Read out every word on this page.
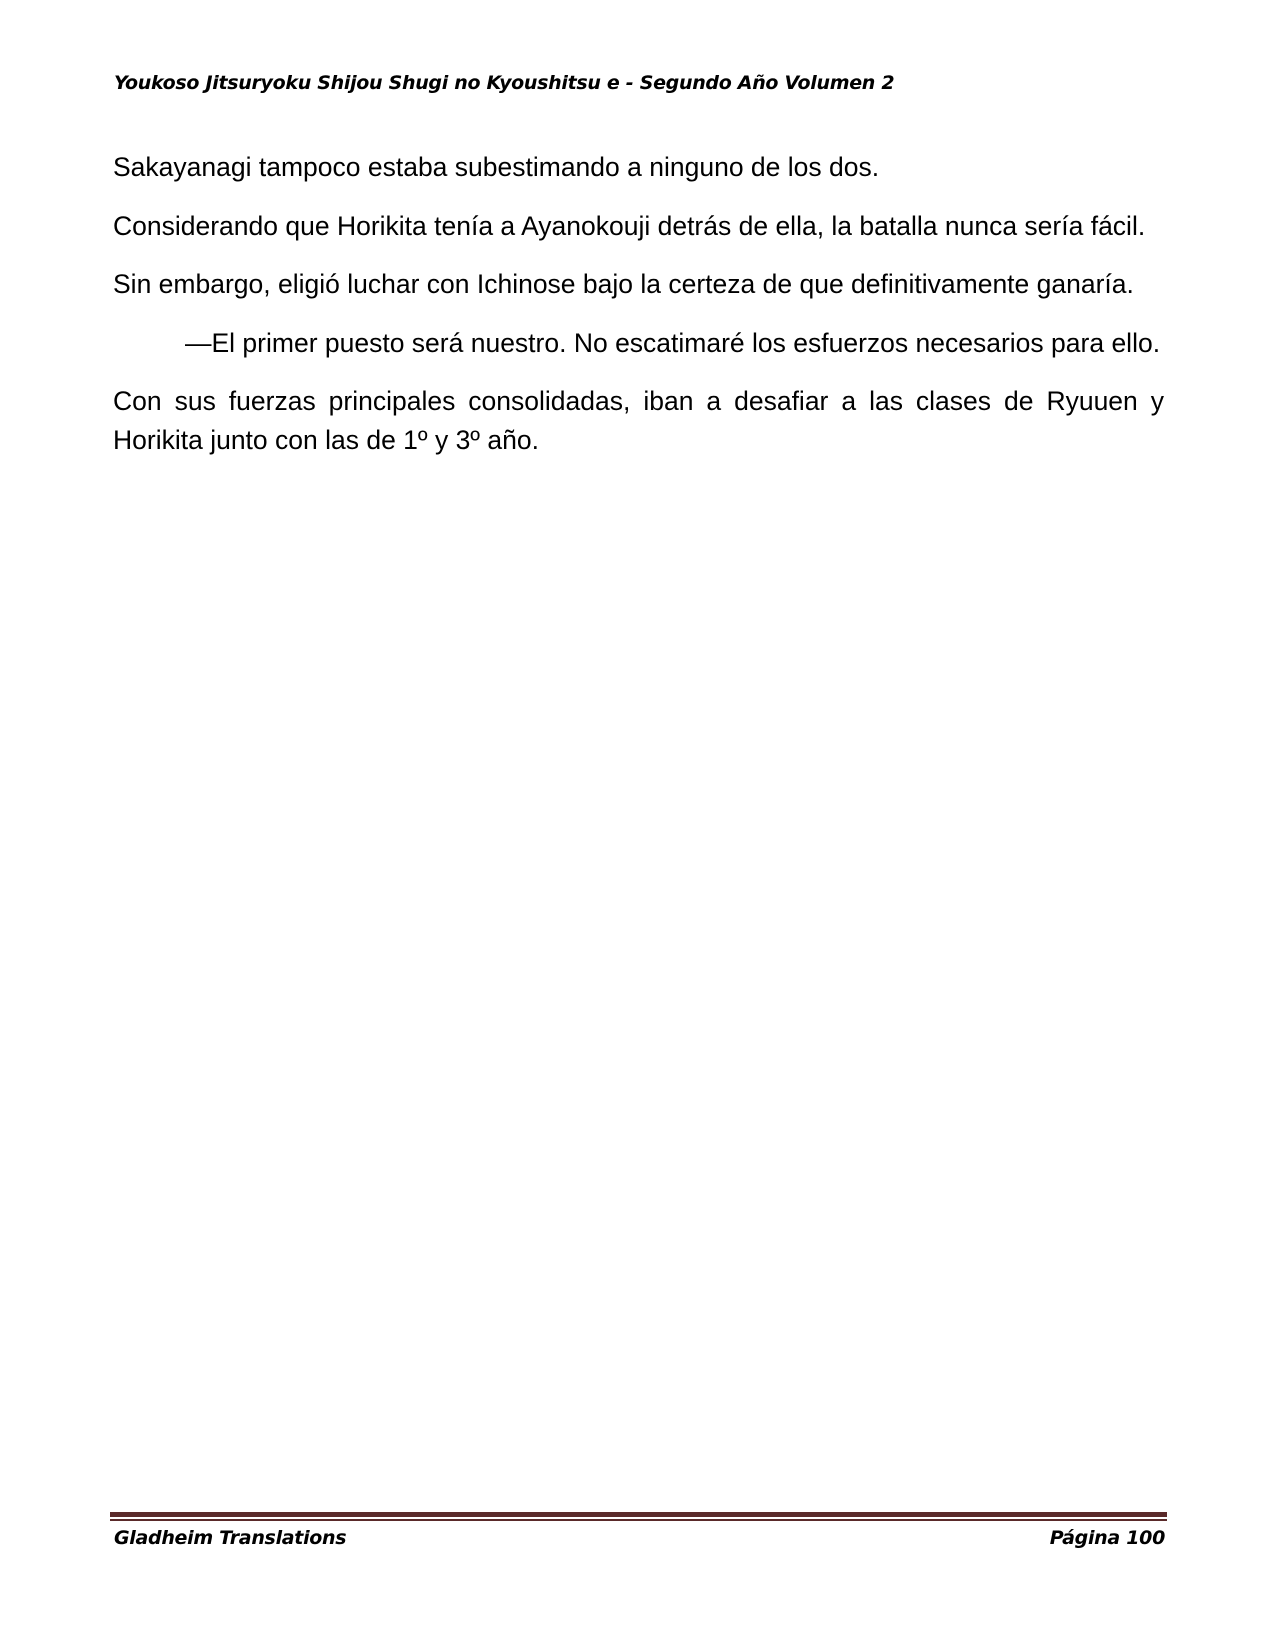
Youkoso Jitsuryoku Shijou Shugi no Kyoushitsu e - Segundo Año Volumen 2

Sakayanagi tampoco estaba subestimando a ninguno de los dos.

Considerando que Horikita tenía a Ayanokouji detrás de ella, la batalla nunca sería fácil.

Sin embargo, eligió luchar con Ichinose bajo la certeza de que definitivamente ganaría.

—El primer puesto será nuestro. No escatimaré los esfuerzos necesarios para ello.

Con sus fuerzas principales consolidadas, iban a desafiar a las clases de Ryuuen y Horikita junto con las de 1º y 3º año.

Gladheim Translations	Página 100
